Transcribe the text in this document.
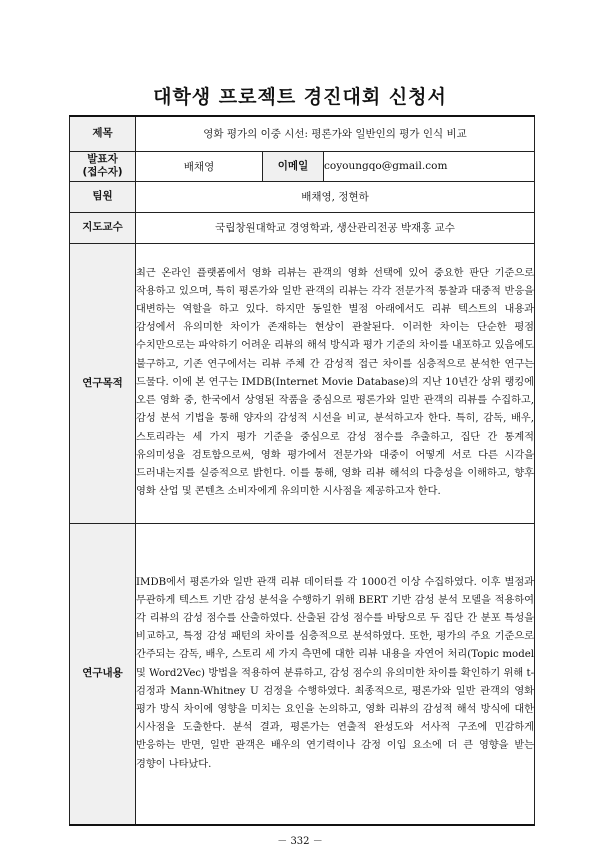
대학생 프로젝트 경진대회 신청서
제목	영화 평가의 이중 시선: 평론가와 일반인의 평가 인식 비교		
발표자
(접수자)	배채영	이메일	coyoungqo@gmail.com
팀원	배채영, 정현하		
지도교수	국립창원대학교 경영학과, 생산관리전공 박재홍 교수		
연구목적	최근 온라인 플랫폼에서 영화 리뷰는 관객의 영화 선택에 있어 중요한 판단 기준으로 작용하고 있으며, 특히 평론가와 일반 관객의 리뷰는 각각 전문가적 통찰과 대중적 반응을 대변하는 역할을 하고 있다. 하지만 동일한 별점 아래에서도 리뷰 텍스트의 내용과 감성에서 유의미한 차이가 존재하는 현상이 관찰된다. 이러한 차이는 단순한 평점 수치만으로는 파악하기 어려운 리뷰의 해석 방식과 평가 기준의 차이를 내포하고 있음에도 불구하고, 기존 연구에서는 리뷰 주체 간 감성적 접근 차이를 심층적으로 분석한 연구는 드물다. 이에 본 연구는 IMDB(Internet Movie Database)의 지난 10년간 상위 랭킹에 오른 영화 중, 한국에서 상영된 작품을 중심으로 평론가와 일반 관객의 리뷰를 수집하고, 감성 분석 기법을 통해 양자의 감성적 시선을 비교, 분석하고자 한다. 특히, 감독, 배우, 스토리라는 세 가지 평가 기준을 중심으로 감성 점수를 추출하고, 집단 간 통계적 유의미성을 검토함으로써, 영화 평가에서 전문가와 대중이 어떻게 서로 다른 시각을 드러내는지를 실증적으로 밝힌다. 이를 통해, 영화 리뷰 해석의 다층성을 이해하고, 향후 영화 산업 및 콘텐츠 소비자에게 유의미한 시사점을 제공하고자 한다.		

연구내용	IMDB에서 평론가와 일반 관객 리뷰 데이터를 각 1000건 이상 수집하였다. 이후 별점과 무관하게 텍스트 기반 감성 분석을 수행하기 위해 BERT 기반 감성 분석 모델을 적용하여 각 리뷰의 감성 점수를 산출하였다. 산출된 감성 점수를 바탕으로 두 집단 간 분포 특성을 비교하고, 특정 감성 패턴의 차이를 심층적으로 분석하였다. 또한, 평가의 주요 기준으로 간주되는 감독, 배우, 스토리 세 가지 측면에 대한 리뷰 내용을 자연어 처리(Topic model 및 Word2Vec) 방법을 적용하여 분류하고, 감성 점수의 유의미한 차이를 확인하기 위해 t-검정과 Mann-Whitney U 검정을 수행하였다. 최종적으로, 평론가와 일반 관객의 영화 평가 방식 차이에 영향을 미치는 요인을 논의하고, 영화 리뷰의 감성적 해석 방식에 대한 시사점을 도출한다. 분석 결과, 평론가는 연출적 완성도와 서사적 구조에 민감하게 반응하는 반면, 일반 관객은 배우의 연기력이나 감정 이입 요소에 더 큰 영향을 받는 경향이 나타났다.		

－ 332 －
